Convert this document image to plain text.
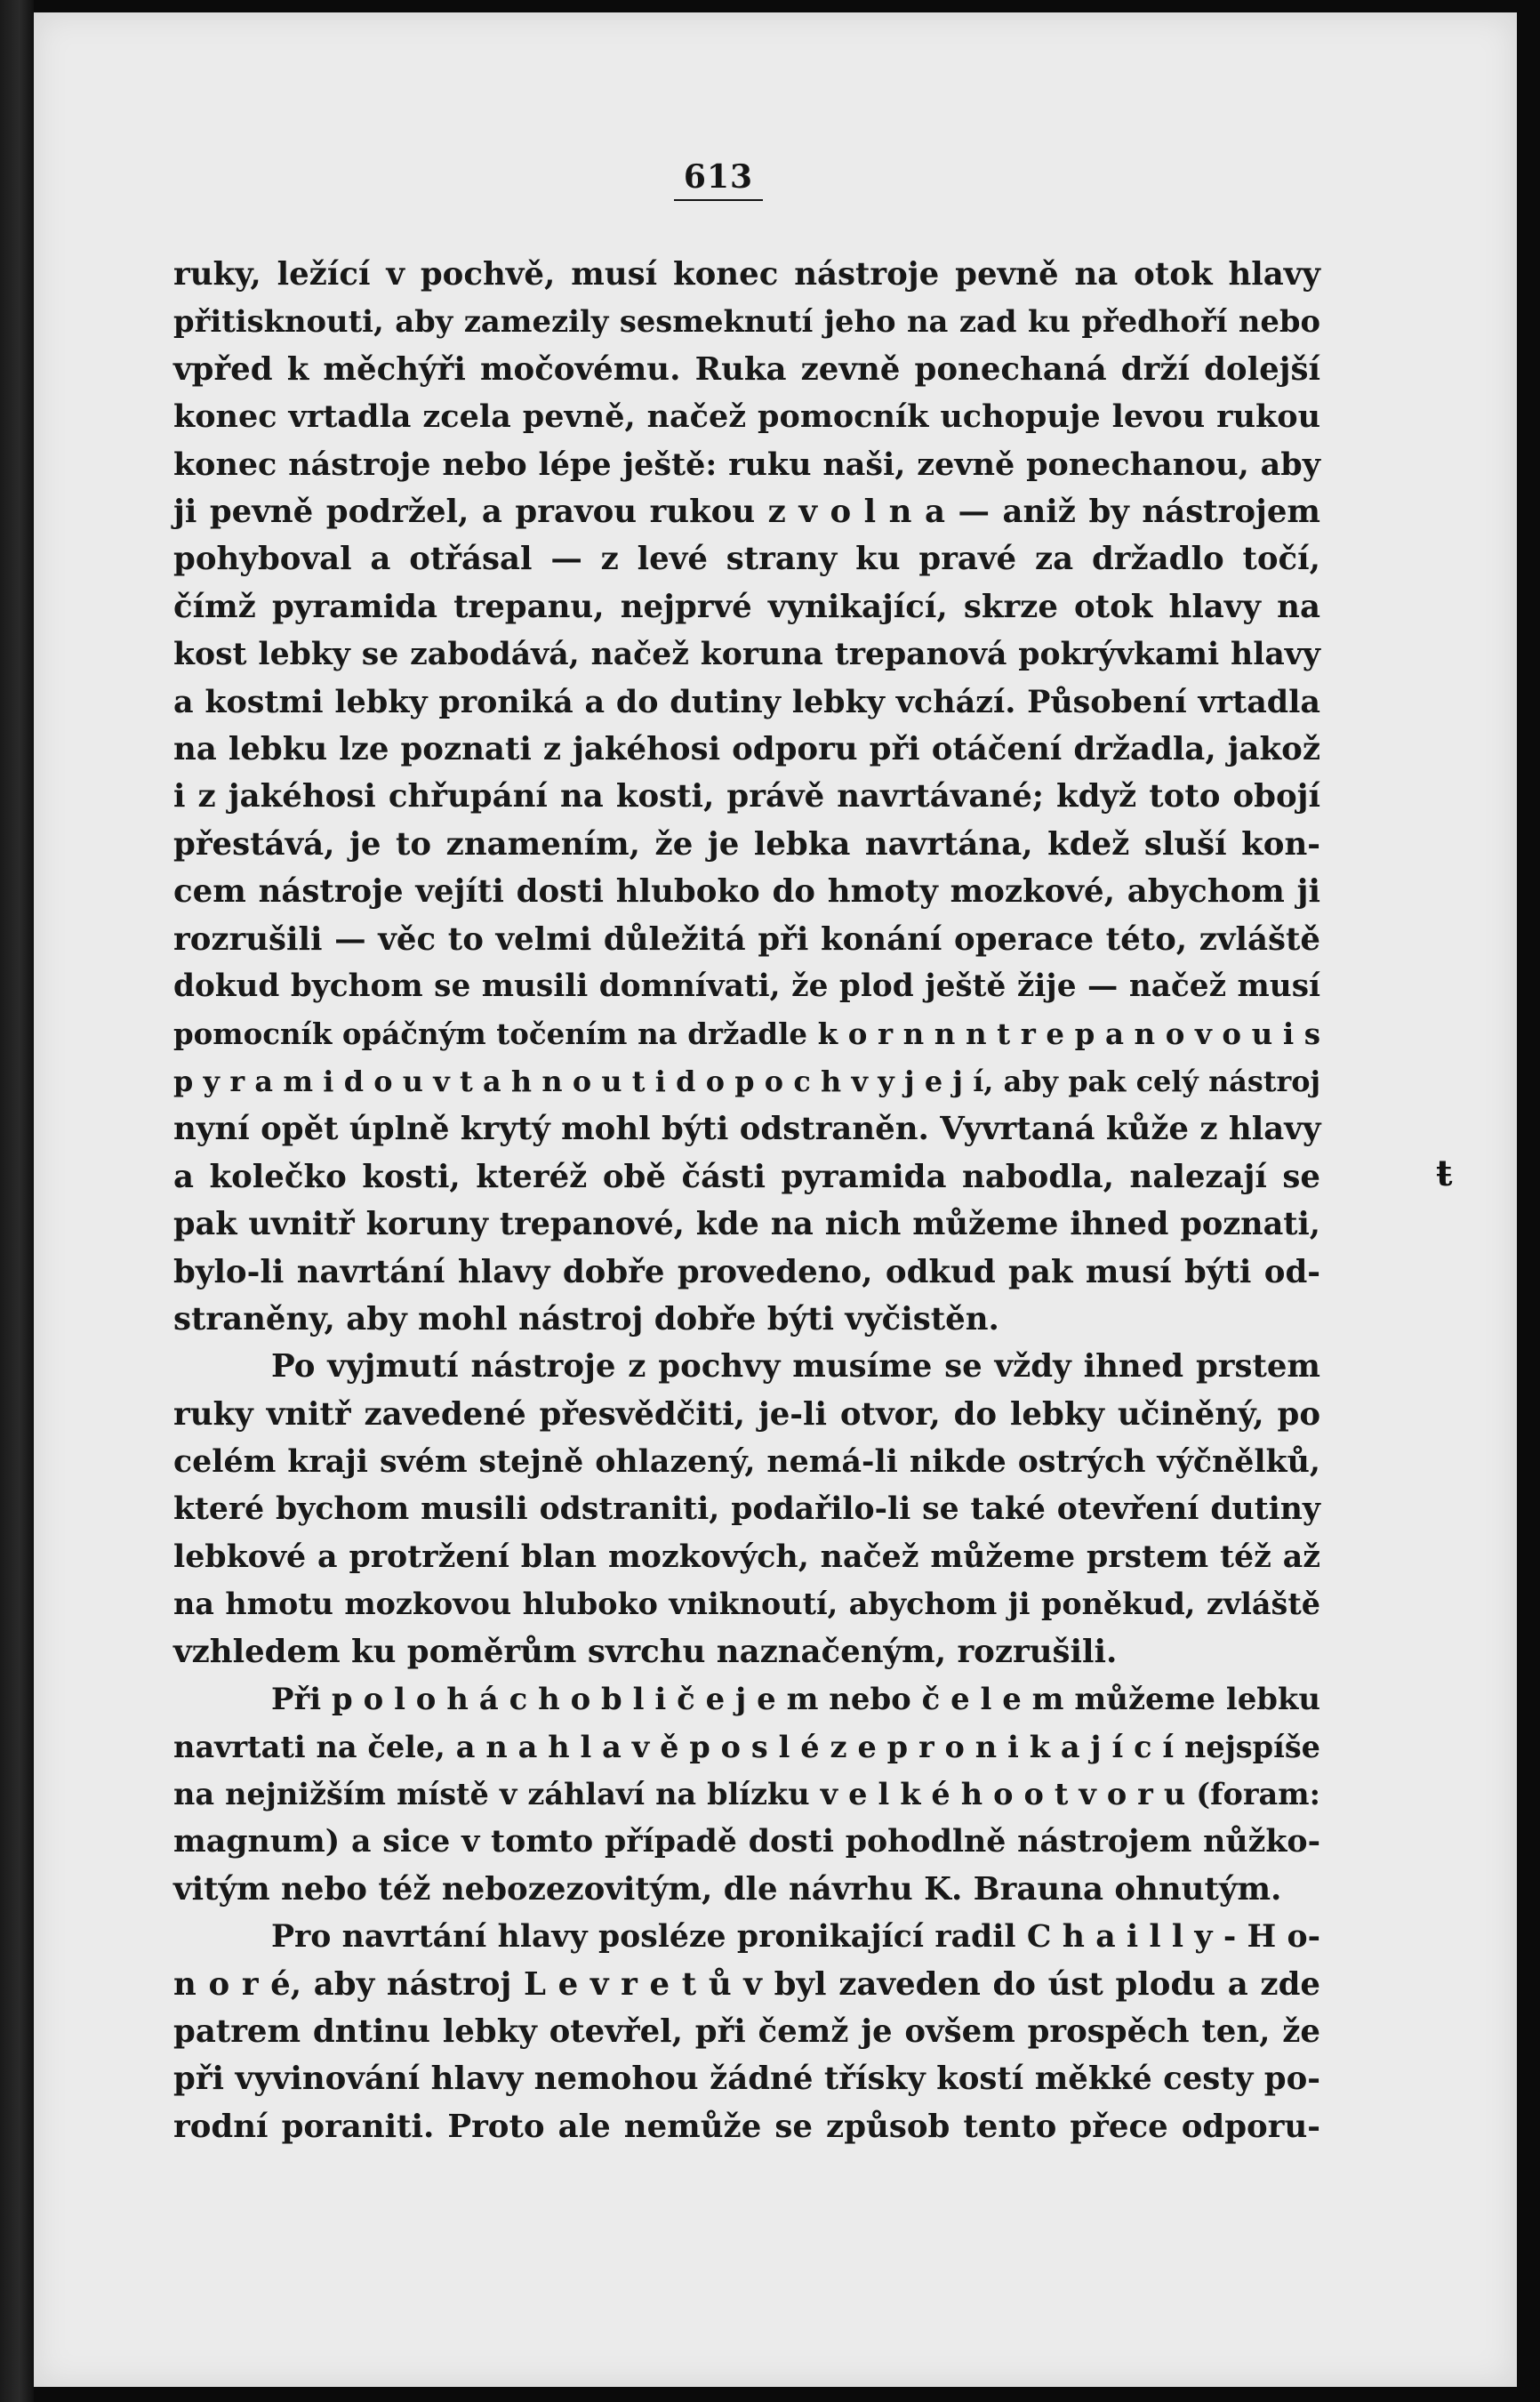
613
ruky, ležící v pochvě, musí konec nástroje pevně na otok hlavy
přitisknouti, aby zamezily sesmeknutí jeho na zad ku předhoří nebo
vpřed k měchýři močovému. Ruka zevně ponechaná drží dolejší
konec vrtadla zcela pevně, načež pomocník uchopuje levou rukou
konec nástroje nebo lépe ještě: ruku naši, zevně ponechanou, aby
ji pevně podržel, a pravou rukou z v o l n a — aniž by nástrojem
pohyboval a otřásal — z levé strany ku pravé za držadlo točí,
čímž pyramida trepanu, nejprvé vynikající, skrze otok hlavy na
kost lebky se zabodává, načež koruna trepanová pokrývkami hlavy
a kostmi lebky proniká a do dutiny lebky vchází. Působení vrtadla
na lebku lze poznati z jakéhosi odporu při otáčení držadla, jakož
i z jakéhosi chřupání na kosti, právě navrtávané; když toto obojí
přestává, je to znamením, že je lebka navrtána, kdež sluší kon-
cem nástroje vejíti dosti hluboko do hmoty mozkové, abychom ji
rozrušili — věc to velmi důležitá při konání operace této, zvláště
dokud bychom se musili domnívati, že plod ještě žije — načež musí
pomocník opáčným točením na držadle k o r n n n t r e p a n o v o u i s
p y r a m i d o u v t a h n o u t i d o p o c h v y j e j í, aby pak celý nástroj
nyní opět úplně krytý mohl býti odstraněn. Vyvrtaná kůže z hlavy
a kolečko kosti, kteréž obě části pyramida nabodla, nalezají se
pak uvnitř koruny trepanové, kde na nich můžeme ihned poznati,
bylo-li navrtání hlavy dobře provedeno, odkud pak musí býti od-
straněny, aby mohl nástroj dobře býti vyčistěn.
Po vyjmutí nástroje z pochvy musíme se vždy ihned prstem
ruky vnitř zavedené přesvědčiti, je-li otvor, do lebky učiněný, po
celém kraji svém stejně ohlazený, nemá-li nikde ostrých výčnělků,
které bychom musili odstraniti, podařilo-li se také otevření dutiny
lebkové a protržení blan mozkových, načež můžeme prstem též až
na hmotu mozkovou hluboko vniknoutí, abychom ji poněkud, zvláště
vzhledem ku poměrům svrchu naznačeným, rozrušili.
Při p o l o h á c h o b l i č e j e m nebo č e l e m můžeme lebku
navrtati na čele, a n a h l a v ě p o s l é z e p r o n i k a j í c í nejspíše
na nejnižším místě v záhlaví na blízku v e l k é h o o t v o r u (foram:
magnum) a sice v tomto případě dosti pohodlně nástrojem nůžko-
vitým nebo též nebozezovitým, dle návrhu K. Brauna ohnutým.
Pro navrtání hlavy posléze pronikající radil C h a i l l y - H o-
n o r é, aby nástroj L e v r e t ů v byl zaveden do úst plodu a zde
patrem dntinu lebky otevřel, při čemž je ovšem prospěch ten, že
při vyvinování hlavy nemohou žádné třísky kostí měkké cesty po-
rodní poraniti. Proto ale nemůže se způsob tento přece odporu-
ŧ
